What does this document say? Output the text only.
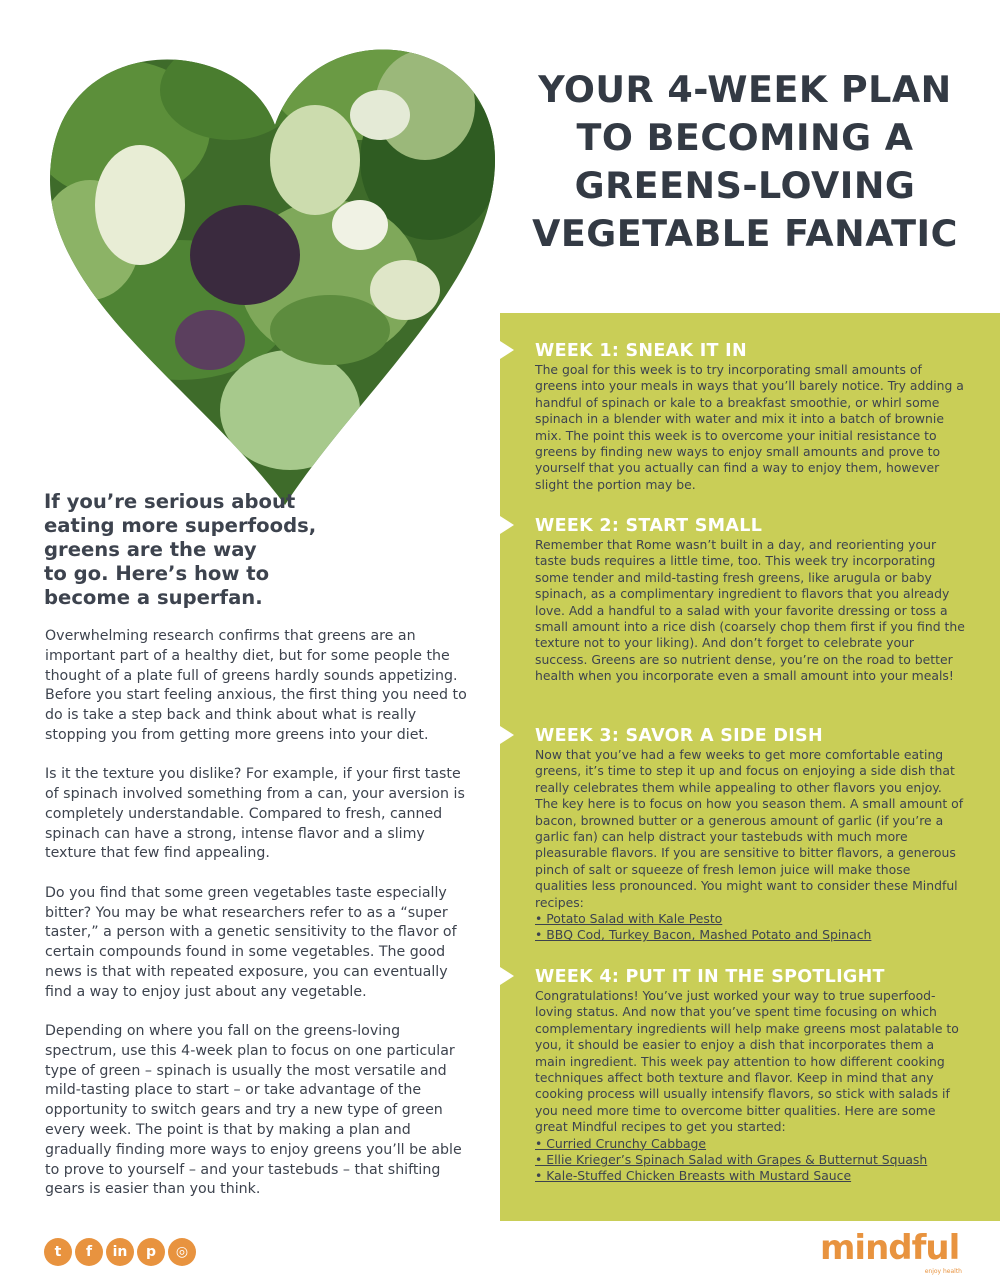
YOUR 4-WEEK PLAN
TO BECOMING A
GREENS-LOVING
VEGETABLE FANATIC
WEEK 1: SNEAK IT IN

The goal for this week is to try incorporating small amounts of greens into your meals in ways that you’ll barely notice. Try adding a handful of spinach or kale to a breakfast smoothie, or whirl some spinach in a blender with water and mix it into a batch of brownie mix. The point this week is to overcome your initial resistance to greens by finding new ways to enjoy small amounts and prove to yourself that you actually can find a way to enjoy them, however slight the portion may be.

WEEK 2: START SMALL

Remember that Rome wasn’t built in a day, and reorienting your taste buds requires a little time, too. This week try incorporating some tender and mild-tasting fresh greens, like arugula or baby spinach, as a complimentary ingredient to flavors that you already love. Add a handful to a salad with your favorite dressing or toss a small amount into a rice dish (coarsely chop them first if you find the texture not to your liking). And don’t forget to celebrate your success. Greens are so nutrient dense, you’re on the road to better health when you incorporate even a small amount into your meals!

WEEK 3: SAVOR A SIDE DISH

Now that you’ve had a few weeks to get more comfortable eating greens, it’s time to step it up and focus on enjoying a side dish that really celebrates them while appealing to other flavors you enjoy. The key here is to focus on how you season them. A small amount of bacon, browned butter or a generous amount of garlic (if you’re a garlic fan) can help distract your tastebuds with much more pleasurable flavors. If you are sensitive to bitter flavors, a generous pinch of salt or squeeze of fresh lemon juice will make those qualities less pronounced. You might want to consider these Mindful recipes:

• Potato Salad with Kale Pesto
• BBQ Cod, Turkey Bacon, Mashed Potato and Spinach
WEEK 4: PUT IT IN THE SPOTLIGHT

Congratulations! You’ve just worked your way to true superfood-loving status. And now that you’ve spent time focusing on which complementary ingredients will help make greens most palatable to you, it should be easier to enjoy a dish that incorporates them a main ingredient. This week pay attention to how different cooking techniques affect both texture and flavor. Keep in mind that any cooking process will usually intensify flavors, so stick with salads if you need more time to overcome bitter qualities. Here are some great Mindful recipes to get you started:

• Curried Crunchy Cabbage
• Ellie Krieger’s Spinach Salad with Grapes & Butternut Squash
• Kale-Stuffed Chicken Breasts with Mustard Sauce
If you’re serious about
eating more superfoods,
greens are the way
to go. Here’s how to
become a superfan.

Overwhelming research confirms that greens are an important part of a healthy diet, but for some people the thought of a plate full of greens hardly sounds appetizing. Before you start feeling anxious, the first thing you need to do is take a step back and think about what is really stopping you from getting more greens into your diet.

Is it the texture you dislike? For example, if your first taste of spinach involved something from a can, your aversion is completely understandable. Compared to fresh, canned spinach can have a strong, intense flavor and a slimy texture that few find appealing.

Do you find that some green vegetables taste especially bitter? You may be what researchers refer to as a “super taster,” a person with a genetic sensitivity to the flavor of certain compounds found in some vegetables. The good news is that with repeated exposure, you can eventually find a way to enjoy just about any vegetable.

Depending on where you fall on the greens-loving spectrum, use this 4-week plan to focus on one particular type of green – spinach is usually the most versatile and mild-tasting place to start – or take advantage of the opportunity to switch gears and try a new type of green every week. The point is that by making a plan and gradually finding more ways to enjoy greens you’ll be able to prove to yourself – and your tastebuds – that shifting gears is easier than you think.

t	f	in	p	◎	mindful
enjoy health
